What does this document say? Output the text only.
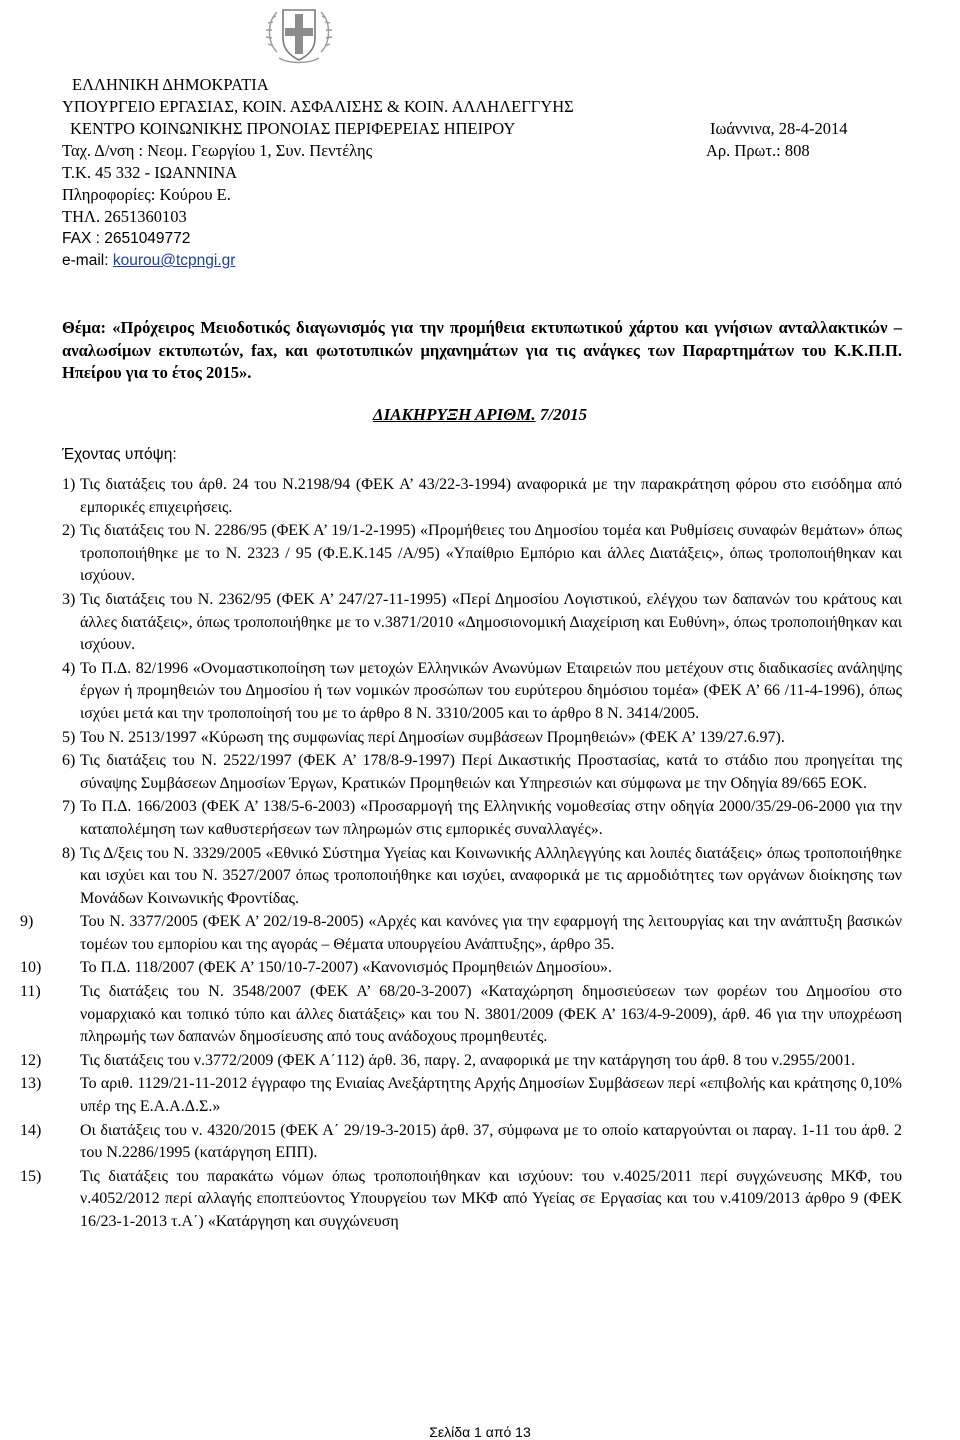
ΕΛΛΗΝΙΚΗ ΔΗΜΟΚΡΑΤΙΑ
ΥΠΟΥΡΓΕΙΟ ΕΡΓΑΣΙΑΣ, ΚΟΙΝ. ΑΣΦΑΛΙΣΗΣ & ΚΟΙΝ. ΑΛΛΗΛΕΓΓΥΗΣ
ΚΕΝΤΡΟ ΚΟΙΝΩΝΙΚΗΣ ΠΡΟΝΟΙΑΣ ΠΕΡΙΦΕΡΕΙΑΣ ΗΠΕΙΡΟΥ
Ταχ. Δ/νση : Νεομ. Γεωργίου 1, Συν. Πεντέλης
Τ.Κ. 45 332 - ΙΩΑΝΝΙΝΑ
Πληροφορίες: Κούρου Ε.
ΤΗΛ. 2651360103
FAX : 2651049772
e-mail: kourou@tcpngi.gr
Ιωάννινα, 28-4-2014
Αρ. Πρωτ.: 808
Θέμα: «Πρόχειρος Μειοδοτικός διαγωνισμός για την προμήθεια εκτυπωτικού χάρτου και γνήσιων ανταλλακτικών – αναλωσίμων εκτυπωτών, fax, και φωτοτυπικών μηχανημάτων για τις ανάγκες των Παραρτημάτων του Κ.Κ.Π.Π. Ηπείρου για το έτος 2015».
ΔΙΑΚΗΡΥΞΗ ΑΡΙΘΜ. 7/2015
Έχοντας υπόψη:
1) Τις διατάξεις του άρθ. 24 του Ν.2198/94 (ΦΕΚ Α’ 43/22-3-1994) αναφορικά με την παρακράτηση φόρου στο εισόδημα από εμπορικές επιχειρήσεις.
2) Τις διατάξεις του Ν. 2286/95 (ΦΕΚ Α’ 19/1-2-1995) «Προμήθειες του Δημοσίου τομέα και Ρυθμίσεις συναφών θεμάτων» όπως τροποποιήθηκε με το Ν. 2323 / 95 (Φ.Ε.Κ.145 /Α/95) «Υπαίθριο Εμπόριο και άλλες Διατάξεις», όπως τροποποιήθηκαν και ισχύουν.
3) Τις διατάξεις του Ν. 2362/95 (ΦΕΚ Α’ 247/27-11-1995) «Περί Δημοσίου Λογιστικού, ελέγχου των δαπανών του κράτους και άλλες διατάξεις», όπως τροποποιήθηκε με το ν.3871/2010 «Δημοσιονομική Διαχείριση και Ευθύνη», όπως τροποποιήθηκαν και ισχύουν.
4) Το Π.Δ. 82/1996 «Ονομαστικοποίηση των μετοχών Ελληνικών Ανωνύμων Εταιρειών που μετέχουν στις διαδικασίες ανάληψης έργων ή προμηθειών του Δημοσίου ή των νομικών προσώπων του ευρύτερου δημόσιου τομέα» (ΦΕΚ Α’ 66 /11-4-1996), όπως ισχύει μετά και την τροποποίησή του με το άρθρο 8 Ν. 3310/2005 και το άρθρο 8 Ν. 3414/2005.
5) Του Ν. 2513/1997 «Κύρωση της συμφωνίας περί Δημοσίων συμβάσεων Προμηθειών» (ΦΕΚ Α’ 139/27.6.97).
6) Τις διατάξεις του Ν. 2522/1997 (ΦΕΚ Α’ 178/8-9-1997) Περί Δικαστικής Προστασίας, κατά το στάδιο που προηγείται της σύναψης Συμβάσεων Δημοσίων Έργων, Κρατικών Προμηθειών και Υπηρεσιών και σύμφωνα με την Οδηγία 89/665 ΕΟΚ.
7) Το Π.Δ. 166/2003 (ΦΕΚ Α’ 138/5-6-2003) «Προσαρμογή της Ελληνικής νομοθεσίας στην οδηγία 2000/35/29-06-2000 για την καταπολέμηση των καθυστερήσεων των πληρωμών στις εμπορικές συναλλαγές».
8) Τις Δ/ξεις του Ν. 3329/2005 «Εθνικό Σύστημα Υγείας και Κοινωνικής Αλληλεγγύης και λοιπές διατάξεις» όπως τροποποιήθηκε και ισχύει και του Ν. 3527/2007 όπως τροποποιήθηκε και ισχύει, αναφορικά με τις αρμοδιότητες των οργάνων διοίκησης των Μονάδων Κοινωνικής Φροντίδας.
9)	Του Ν. 3377/2005 (ΦΕΚ Α’ 202/19-8-2005) «Αρχές και κανόνες για την εφαρμογή της λειτουργίας και την ανάπτυξη βασικών τομέων του εμπορίου και της αγοράς – Θέματα υπουργείου Ανάπτυξης», άρθρο 35.
10) Το Π.Δ. 118/2007 (ΦΕΚ Α’ 150/10-7-2007) «Κανονισμός Προμηθειών Δημοσίου».
11) Τις διατάξεις του Ν. 3548/2007 (ΦΕΚ Α’ 68/20-3-2007) «Καταχώρηση δημοσιεύσεων των φορέων του Δημοσίου στο νομαρχιακό και τοπικό τύπο και άλλες διατάξεις» και του Ν. 3801/2009 (ΦΕΚ Α’ 163/4-9-2009), άρθ. 46 για την υποχρέωση πληρωμής των δαπανών δημοσίευσης από τους ανάδοχους προμηθευτές.
12) Τις διατάξεις του ν.3772/2009 (ΦΕΚ Α΄112) άρθ. 36, παργ. 2, αναφορικά με την κατάργηση του άρθ. 8 του ν.2955/2001.
13) Το αριθ. 1129/21-11-2012 έγγραφο της Ενιαίας Ανεξάρτητης Αρχής Δημοσίων Συμβάσεων περί «επιβολής και κράτησης 0,10% υπέρ της Ε.Α.Α.Δ.Σ.»
14) Οι διατάξεις του ν. 4320/2015 (ΦΕΚ Α΄ 29/19-3-2015) άρθ. 37, σύμφωνα με το οποίο καταργούνται οι παραγ. 1-11 του άρθ. 2 του Ν.2286/1995 (κατάργηση ΕΠΠ).
15) Τις διατάξεις του παρακάτω νόμων όπως τροποποιήθηκαν και ισχύουν: του ν.4025/2011 περί συγχώνευσης ΜΚΦ, του ν.4052/2012 περί αλλαγής εποπτεύοντος Υπουργείου των ΜΚΦ από Υγείας σε Εργασίας και του ν.4109/2013 άρθρο 9 (ΦΕΚ 16/23-1-2013 τ.Α΄) «Κατάργηση και συγχώνευση
Σελίδα 1 από 13
